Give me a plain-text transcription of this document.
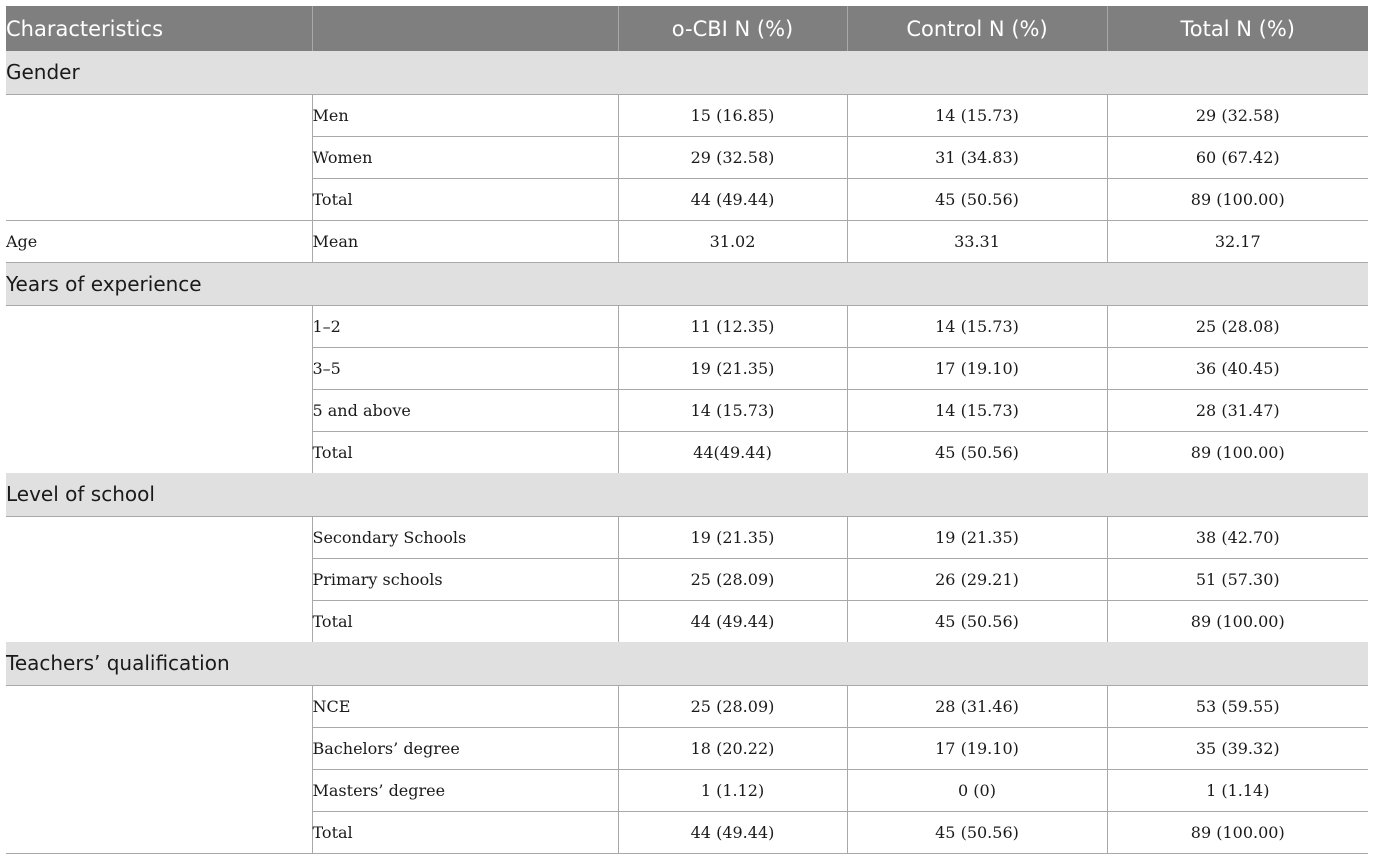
Characteristics		o-CBI N (%)	Control N (%)	Total N (%)
Gender				
	Men	15 (16.85)	14 (15.73)	29 (32.58)
	Women	29 (32.58)	31 (34.83)	60 (67.42)
	Total	44 (49.44)	45 (50.56)	89 (100.00)
Age	Mean	31.02	33.31	32.17
Years of experience				
	1–2	11 (12.35)	14 (15.73)	25 (28.08)
	3–5	19 (21.35)	17 (19.10)	36 (40.45)
	5 and above	14 (15.73)	14 (15.73)	28 (31.47)
	Total	44(49.44)	45 (50.56)	89 (100.00)
Level of school				
	Secondary Schools	19 (21.35)	19 (21.35)	38 (42.70)
	Primary schools	25 (28.09)	26 (29.21)	51 (57.30)
	Total	44 (49.44)	45 (50.56)	89 (100.00)
Teachers’ qualification				
	NCE	25 (28.09)	28 (31.46)	53 (59.55)
	Bachelors’ degree	18 (20.22)	17 (19.10)	35 (39.32)
	Masters’ degree	1 (1.12)	0 (0)	1 (1.14)
	Total	44 (49.44)	45 (50.56)	89 (100.00)
